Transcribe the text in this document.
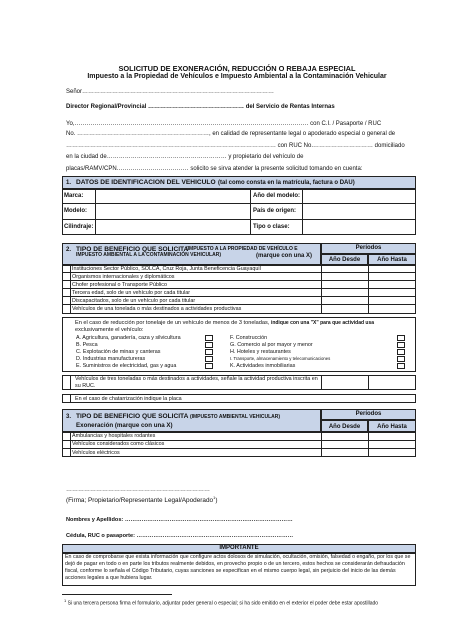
SOLICITUD DE EXONERACIÓN, REDUCCIÓN O REBAJA ESPECIAL
Impuesto a la Propiedad de Vehículos e Impuesto Ambiental a la Contaminación Vehicular
Señor……………………………………………………………………………………
Director Regional/Provincial ………………………………………… del Servicio de Rentas Internas
Yo,……………………………………………………………………………………………………… con C.I. / Pasaporte / RUC
No. …………………………………………………………, en calidad de representante legal o apoderado especial o general de
…………………………………………………………………………………………… con RUC No.………………………… domiciliado
en la ciudad de…………………………………………………… y propietario del vehículo de
placas/RAMV/CPN……………………………… solicito se sirva atender la presente solicitud tomando en cuenta:
1. DATOS DE IDENTIFICACION DEL VEHICULO (tal como consta en la matrícula, factura o DAU)
Marca:	Año del modelo:
Modelo:	País de origen:
Cilindraje:	Tipo o clase:
2. TIPO DE BENEFICIO QUE SOLICITA
(IMPUESTO A LA PROPIEDAD DE VEHÍCULO E IMPUESTO AMBIENTAL A LA CONTAMINACIÓN VEHICULAR)	(marque con una X)
Períodos
Año Desde	Año Hasta
Instituciones Sector Público, SOLCA, Cruz Roja, Junta Beneficencia Guayaquil
Organismos internacionales y diplomáticos
Chofer profesional o Transporte Público
Tercera edad, solo de un vehículo por cada titular
Discapacitados, solo de un vehículo por cada titular
Vehículos de una tonelada o más destinados a actividades productivas
En el caso de reducción por tonelaje de un vehículo de menos de 3 toneladas, indique con una "X" para que actividad usa
exclusivamente el vehículo:
A. Agricultura, ganadería, caza y silvicultura
B. Pesca
C. Explotación de minas y canteras
D. Industrias manufactureras
E. Suministros de electricidad, gas y agua
F. Construcción
G. Comercio al por mayor y menor
H. Hoteles y restaurantes
I. Transporte, almacenamiento y telecomunicaciones
K. Actividades inmobiliarias
Vehículos de tres toneladas o más destinados a actividades, señale la actividad productiva inscrita en su RUC.
En el caso de chatarrización indique la placa
3. TIPO DE BENEFICIO QUE SOLICITA (IMPUESTO AMBIENTAL VEHICULAR)
Exoneración (marque con una X)
Períodos
Año Desde	Año Hasta
Ambulancias y hospitales rodantes
Vehículos considerados como clásicos
Vehículos eléctricos
………………………………………………………………
(Firma; Propietario/Representante Legal/Apoderado$^1$)
Nombres y Apellidos: ………………………………………………………………………………
Cédula, RUC o pasaporte: …………………………………………………………………………
IMPORTANTE
En caso de comprobarse que exista información que configure actos dolosos de simulación, ocultación, omisión, falsedad o engaño, por los que se dejó de pagar en todo o en parte los tributos realmente debidos, en provecho propio o de un tercero, estos hechos se considerarán defraudación fiscal, conforme lo señala el Código Tributario, cuyas sanciones se especifican en el mismo cuerpo legal, sin perjuicio del inicio de las demás acciones legales a que hubiera lugar.
$^1$ Si una tercera persona firma el formulario, adjuntar poder general o especial; si ha sido emitido en el exterior el poder debe estar apostillado
